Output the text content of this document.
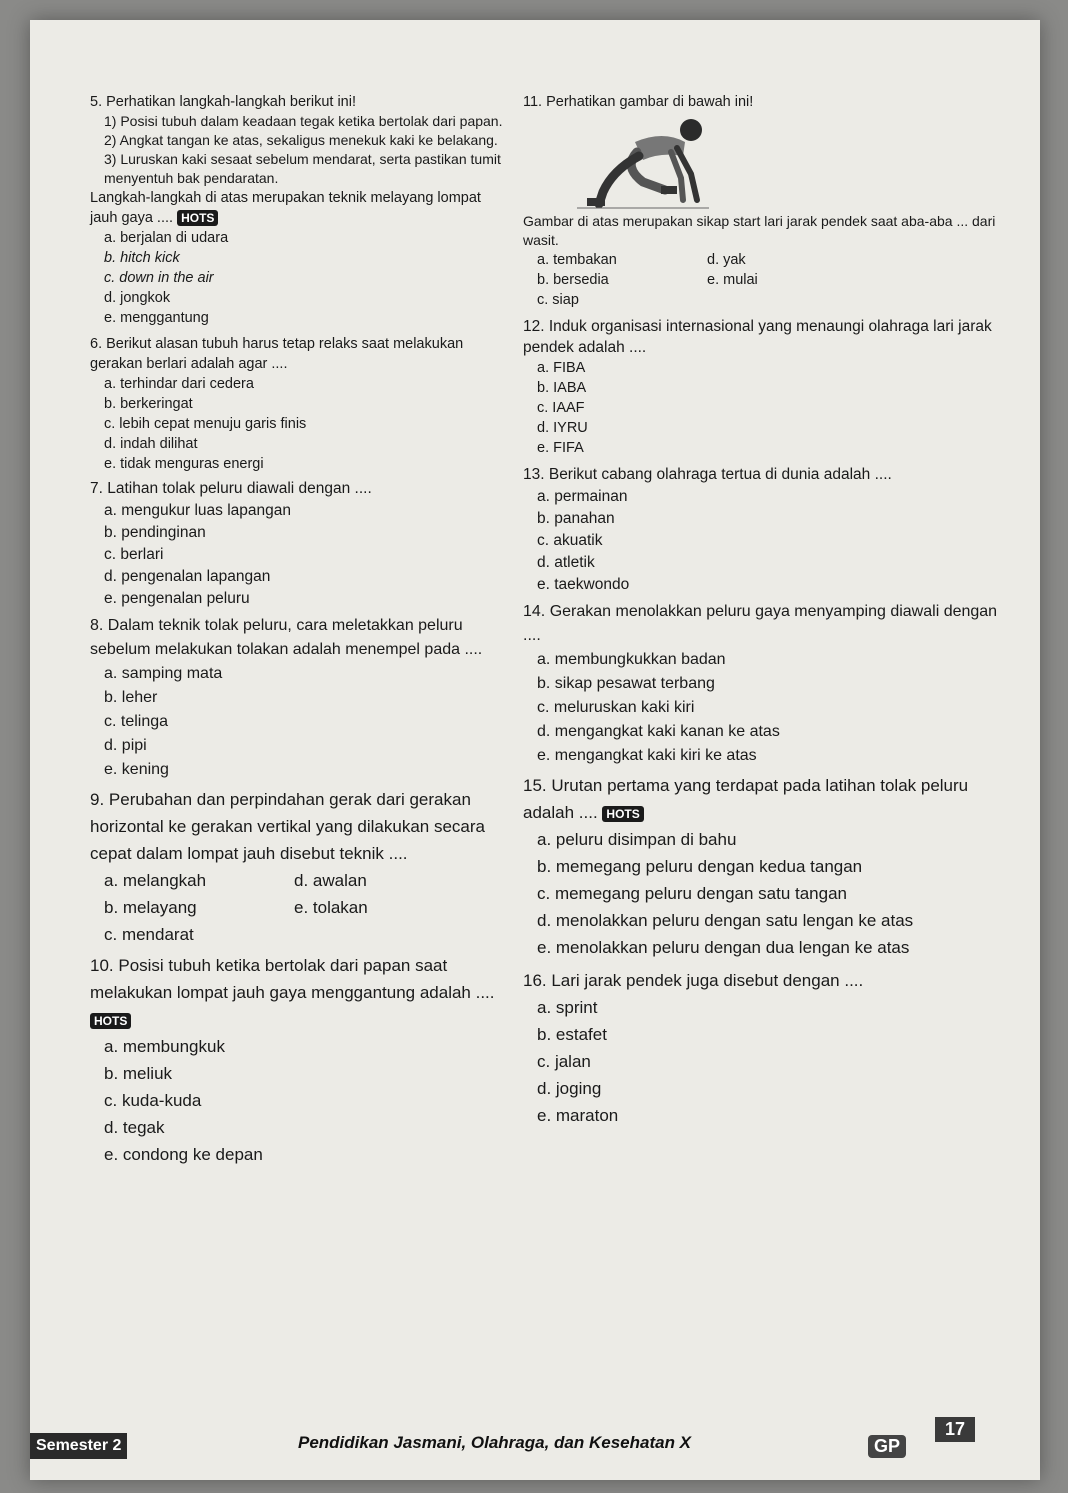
5. Perhatikan langkah-langkah berikut ini!
1) Posisi tubuh dalam keadaan tegak ketika bertolak dari papan.
2) Angkat tangan ke atas, sekaligus menekuk kaki ke belakang.
3) Luruskan kaki sesaat sebelum mendarat, serta pastikan tumit menyentuh bak pendaratan.
Langkah-langkah di atas merupakan teknik melayang lompat jauh gaya .... HOTS
a. berjalan di udara
b. hitch kick
c. down in the air
d. jongkok
e. menggantung
6. Berikut alasan tubuh harus tetap relaks saat melakukan gerakan berlari adalah agar ....
a. terhindar dari cedera
b. berkeringat
c. lebih cepat menuju garis finis
d. indah dilihat
e. tidak menguras energi
7. Latihan tolak peluru diawali dengan ....
a. mengukur luas lapangan
b. pendinginan
c. berlari
d. pengenalan lapangan
e. pengenalan peluru
8. Dalam teknik tolak peluru, cara meletakkan peluru sebelum melakukan tolakan adalah menempel pada ....
a. samping mata
b. leher
c. telinga
d. pipi
e. kening
9. Perubahan dan perpindahan gerak dari gerakan horizontal ke gerakan vertikal yang dilakukan secara cepat dalam lompat jauh disebut teknik ....
a. melangkah	d. awalan
b. melayang	e. tolakan
c. mendarat
10. Posisi tubuh ketika bertolak dari papan saat melakukan lompat jauh gaya menggantung adalah .... HOTS
a. membungkuk
b. meliuk
c. kuda-kuda
d. tegak
e. condong ke depan
11. Perhatikan gambar di bawah ini!
Gambar di atas merupakan sikap start lari jarak pendek saat aba-aba ... dari wasit.
a. tembakan	d. yak
b. bersedia	e. mulai
c. siap
12. Induk organisasi internasional yang menaungi olahraga lari jarak pendek adalah ....
a. FIBA
b. IABA
c. IAAF
d. IYRU
e. FIFA
13. Berikut cabang olahraga tertua di dunia adalah ....
a. permainan
b. panahan
c. akuatik
d. atletik
e. taekwondo
14. Gerakan menolakkan peluru gaya menyamping diawali dengan ....
a. membungkukkan badan
b. sikap pesawat terbang
c. meluruskan kaki kiri
d. mengangkat kaki kanan ke atas
e. mengangkat kaki kiri ke atas
15. Urutan pertama yang terdapat pada latihan tolak peluru adalah .... HOTS
a. peluru disimpan di bahu
b. memegang peluru dengan kedua tangan
c. memegang peluru dengan satu tangan
d. menolakkan peluru dengan satu lengan ke atas
e. menolakkan peluru dengan dua lengan ke atas
16. Lari jarak pendek juga disebut dengan ....
a. sprint
b. estafet
c. jalan
d. joging
e. maraton
Semester 2	Pendidikan Jasmani, Olahraga, dan Kesehatan X	GP
17
